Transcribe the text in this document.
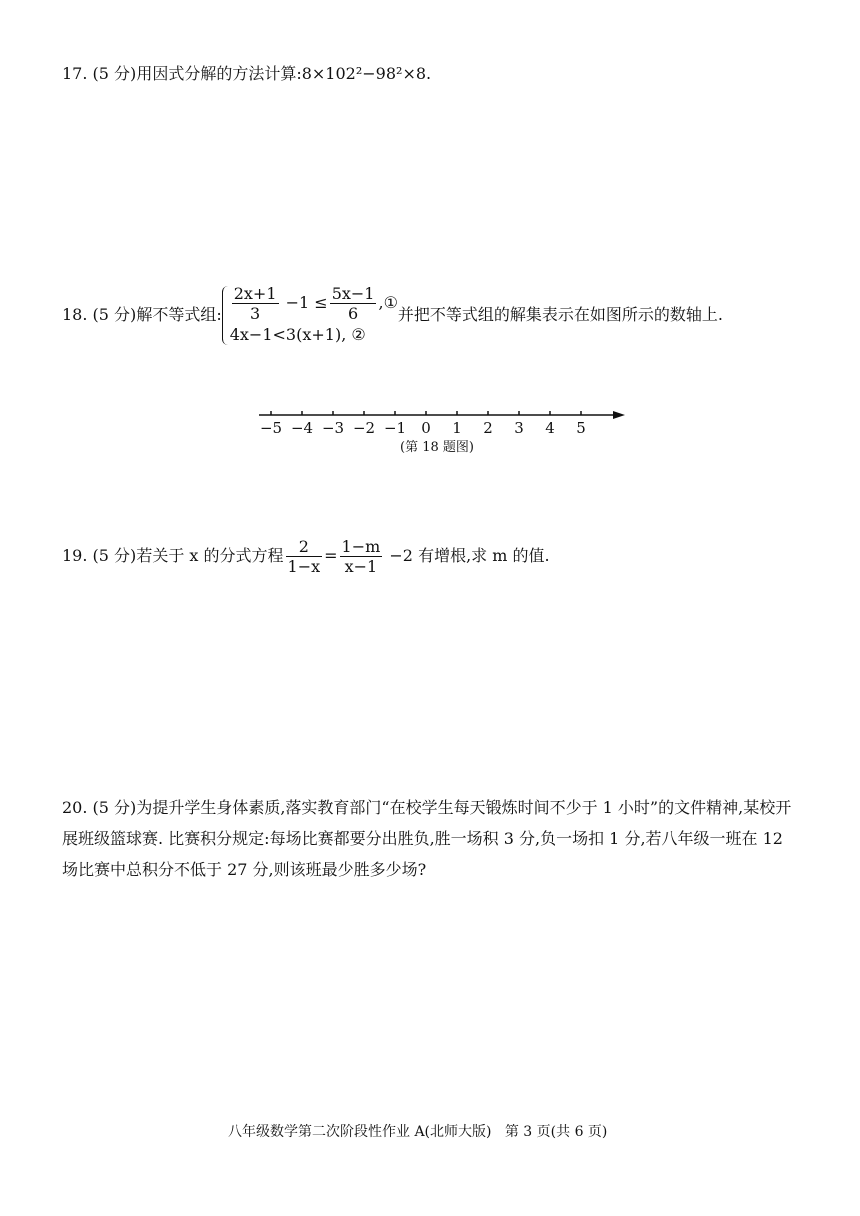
17. (5 分)用因式分解的方法计算:8×102²−98²×8.
18. (5 分)解不等式组: $\frac{2x+1}{3} -1 \le \frac{5x-1}{6}$ ,①
4x−1<3(x+1), ②
并把不等式组的解集表示在如图所示的数轴上.
−5 −4 −3 −2 −1 0 1 2 3 4 5
(第 18 题图)
19. (5 分)若关于 x 的分式方程 $\frac{2}{1-x} = \frac{1-m}{x-1} -2$ 有增根,求 m 的值.
20. (5 分)为提升学生身体素质,落实教育部门“在校学生每天锻炼时间不少于 1 小时”的文件精神,某校开展班级篮球赛. 比赛积分规定:每场比赛都要分出胜负,胜一场积 3 分,负一场扣 1 分,若八年级一班在 12 场比赛中总积分不低于 27 分,则该班最少胜多少场?
八年级数学第二次阶段性作业 A(北师大版) 第 3 页(共 6 页)
